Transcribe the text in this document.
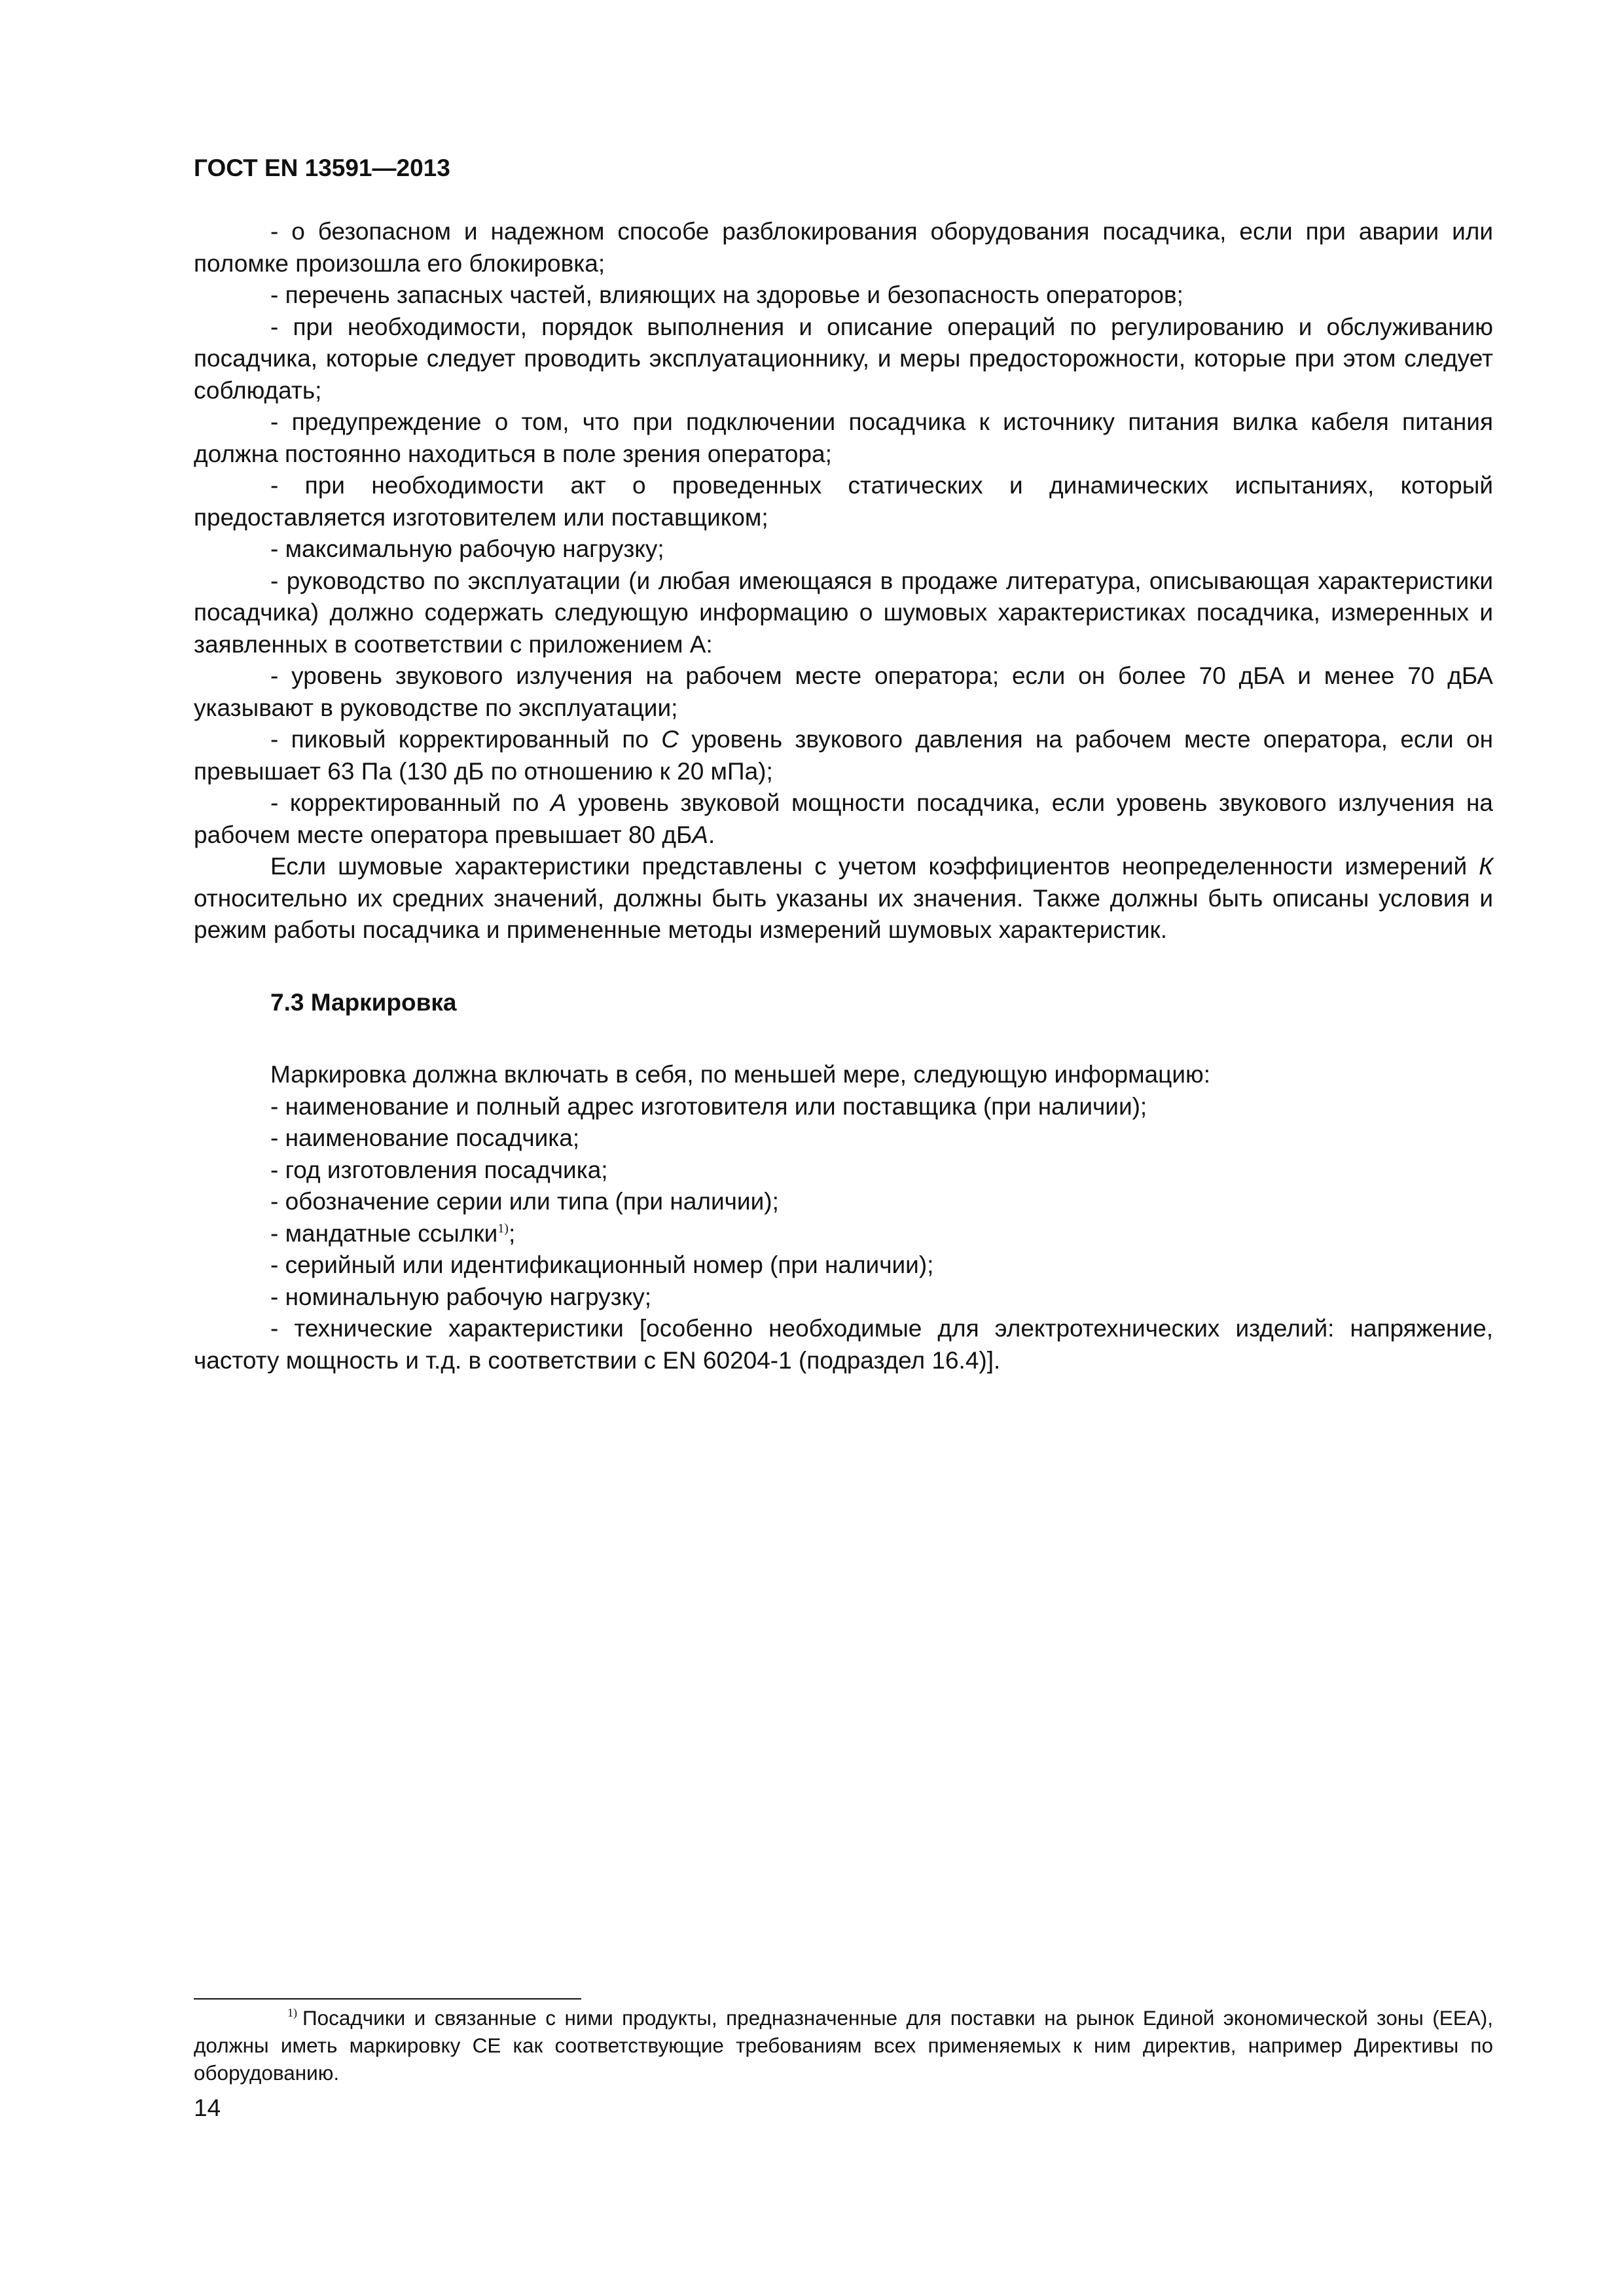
ГОСТ EN 13591—2013

- о безопасном и надежном способе разблокирования оборудования посадчика, если при аварии или поломке произошла его блокировка;

- перечень запасных частей, влияющих на здоровье и безопасность операторов;

- при необходимости, порядок выполнения и описание операций по регулированию и обслуживанию посадчика, которые следует проводить эксплуатационнику, и меры предосторожности, которые при этом следует соблюдать;

- предупреждение о том, что при подключении посадчика к источнику питания вилка кабеля питания должна постоянно находиться в поле зрения оператора;

- при необходимости акт о проведенных статических и динамических испытаниях, который предоставляется изготовителем или поставщиком;

- максимальную рабочую нагрузку;

- руководство по эксплуатации (и любая имеющаяся в продаже литература, описывающая характеристики посадчика) должно содержать следующую информацию о шумовых характеристиках посадчика, измеренных и заявленных в соответствии с приложением А:

- уровень звукового излучения на рабочем месте оператора; если он более 70 дБА и менее 70 дБА указывают в руководстве по эксплуатации;

- пиковый корректированный по С уровень звукового давления на рабочем месте оператора, если он превышает 63 Па (130 дБ по отношению к 20 мПа);

- корректированный по А уровень звуковой мощности посадчика, если уровень звукового излучения на рабочем месте оператора превышает 80 дБА.

Если шумовые характеристики представлены с учетом коэффициентов неопределенности измерений К относительно их средних значений, должны быть указаны их значения. Также должны быть описаны условия и режим работы посадчика и примененные методы измерений шумовых характеристик.

7.3 Маркировка
Маркировка должна включать в себя, по меньшей мере, следующую информацию:

- наименование и полный адрес изготовителя или поставщика (при наличии);

- наименование посадчика;

- год изготовления посадчика;

- обозначение серии или типа (при наличии);

- мандатные ссылки$^{1)}$;

- серийный или идентификационный номер (при наличии);

- номинальную рабочую нагрузку;

- технические характеристики [особенно необходимые для электротехнических изделий: напряжение, частоту мощность и т.д. в соответствии с EN 60204-1 (подраздел 16.4)].

$^{1)}$ Посадчики и связанные с ними продукты, предназначенные для поставки на рынок Единой экономической зоны (ЕЕА), должны иметь маркировку СЕ как соответствующие требованиям всех применяемых к ним директив, например Директивы по оборудованию.
14
